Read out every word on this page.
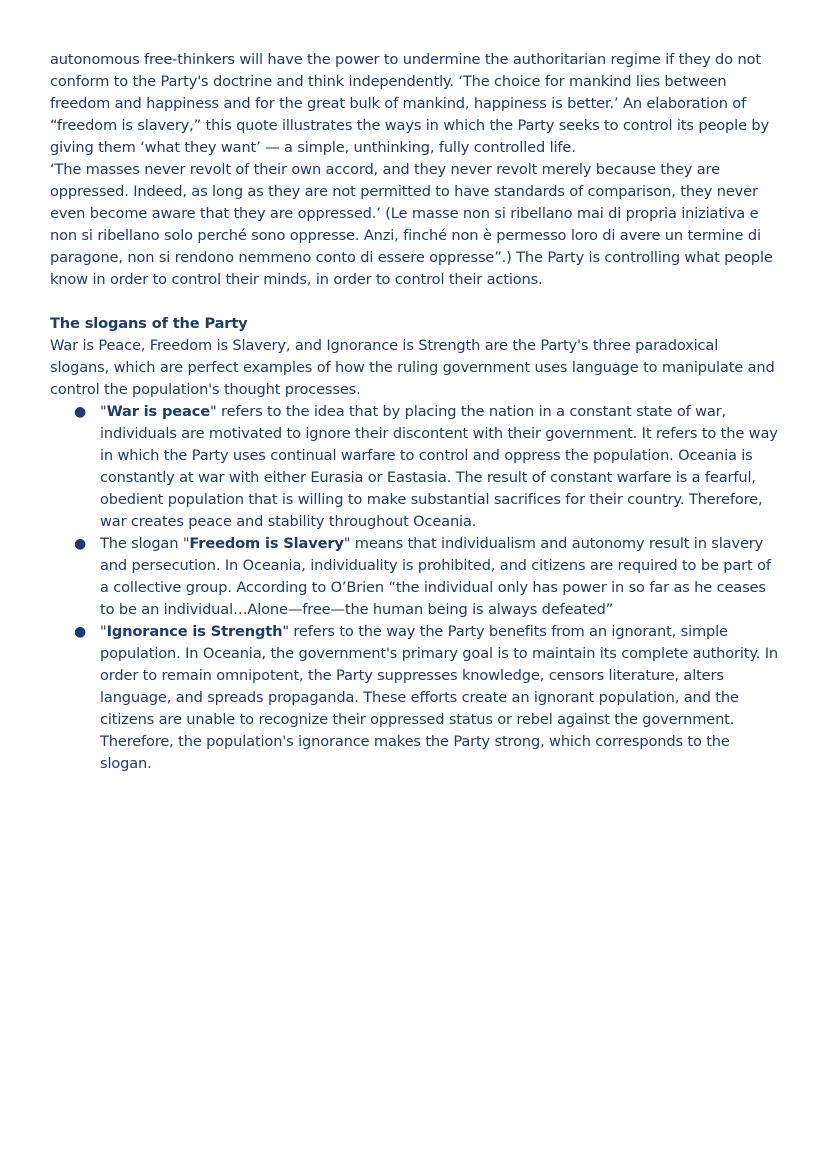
autonomous free-thinkers will have the power to undermine the authoritarian regime if they do not conform to the Party's doctrine and think independently. ‘The choice for mankind lies between freedom and happiness and for the great bulk of mankind, happiness is better.’ An elaboration of “freedom is slavery,” this quote illustrates the ways in which the Party seeks to control its people by giving them ‘what they want’ — a simple, unthinking, fully controlled life.

‘The masses never revolt of their own accord, and they never revolt merely because they are oppressed. Indeed, as long as they are not permitted to have standards of comparison, they never even become aware that they are oppressed.’ (Le masse non si ribellano mai di propria iniziativa e non si ribellano solo perché sono oppresse. Anzi, finché non è permesso loro di avere un termine di paragone, non si rendono nemmeno conto di essere oppresse”.) The Party is controlling what people know in order to control their minds, in order to control their actions.

The slogans of the Party

War is Peace, Freedom is Slavery, and Ignorance is Strength are the Party's three paradoxical slogans, which are perfect examples of how the ruling government uses language to manipulate and control the population's thought processes.

● "War is peace" refers to the idea that by placing the nation in a constant state of war, individuals are motivated to ignore their discontent with their government. It refers to the way in which the Party uses continual warfare to control and oppress the population. Oceania is constantly at war with either Eurasia or Eastasia. The result of constant warfare is a fearful, obedient population that is willing to make substantial sacrifices for their country. Therefore, war creates peace and stability throughout Oceania.
● The slogan "Freedom is Slavery" means that individualism and autonomy result in slavery and persecution. In Oceania, individuality is prohibited, and citizens are required to be part of a collective group. According to O’Brien “the individual only has power in so far as he ceases to be an individual…Alone—free—the human being is always defeated”
● "Ignorance is Strength" refers to the way the Party benefits from an ignorant, simple population. In Oceania, the government's primary goal is to maintain its complete authority. In order to remain omnipotent, the Party suppresses knowledge, censors literature, alters language, and spreads propaganda. These efforts create an ignorant population, and the citizens are unable to recognize their oppressed status or rebel against the government. Therefore, the population's ignorance makes the Party strong, which corresponds to the slogan.
